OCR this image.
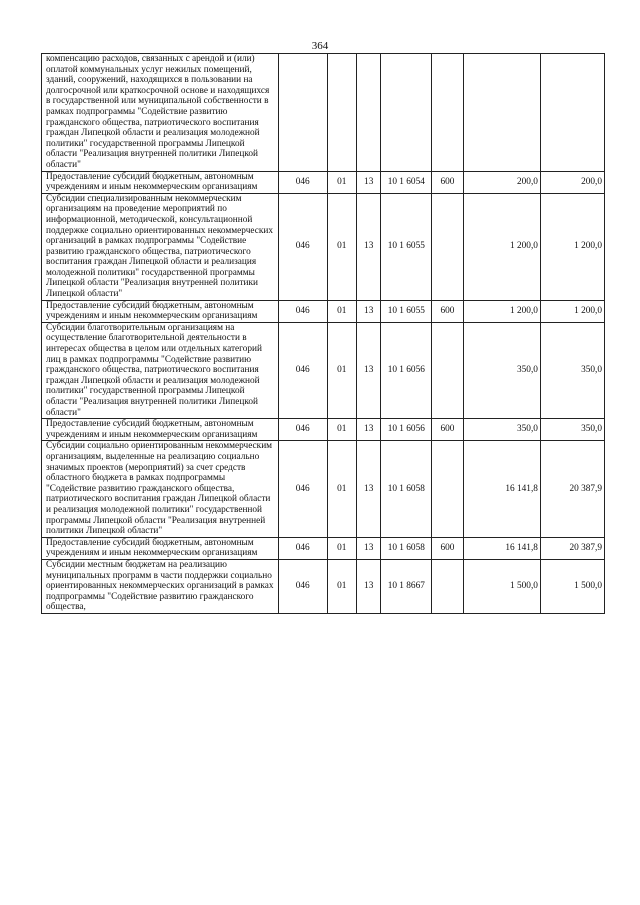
364
компенсацию расходов, связанных с арендой и (или) оплатой коммунальных услуг нежилых помещений, зданий, сооружений, находящихся в пользовании на долгосрочной или краткосрочной основе и находящихся в государственной или муниципальной собственности в рамках подпрограммы "Содействие развитию гражданского общества, патриотического воспитания граждан Липецкой области и реализация молодежной политики" государственной программы Липецкой области "Реализация внутренней политики Липецкой области"							
Предоставление субсидий бюджетным, автономным учреждениям и иным некоммерческим организациям	046	01	13	10 1 6054	600	200,0	200,0
Субсидии специализированным некоммерческим организациям на проведение мероприятий по информационной, методической, консультационной поддержке социально ориентированных некоммерческих организаций в рамках подпрограммы "Содействие развитию гражданского общества, патриотического воспитания граждан Липецкой области и реализация молодежной политики" государственной программы Липецкой области "Реализация внутренней политики Липецкой области"	046	01	13	10 1 6055		1 200,0	1 200,0
Предоставление субсидий бюджетным, автономным учреждениям и иным некоммерческим организациям	046	01	13	10 1 6055	600	1 200,0	1 200,0
Субсидии благотворительным организациям на осуществление благотворительной деятельности в интересах общества в целом или отдельных категорий лиц в рамках подпрограммы "Содействие развитию гражданского общества, патриотического воспитания граждан Липецкой области и реализация молодежной политики" государственной программы Липецкой области "Реализация внутренней политики Липецкой области"	046	01	13	10 1 6056		350,0	350,0
Предоставление субсидий бюджетным, автономным учреждениям и иным некоммерческим организациям	046	01	13	10 1 6056	600	350,0	350,0
Субсидии социально ориентированным некоммерческим организациям, выделенные на реализацию социально значимых проектов (мероприятий) за счет средств областного бюджета в рамках подпрограммы "Содействие развитию гражданского общества, патриотического воспитания граждан Липецкой области и реализация молодежной политики" государственной программы Липецкой области "Реализация внутренней политики Липецкой области"	046	01	13	10 1 6058		16 141,8	20 387,9
Предоставление субсидий бюджетным, автономным учреждениям и иным некоммерческим организациям	046	01	13	10 1 6058	600	16 141,8	20 387,9
Субсидии местным бюджетам на реализацию муниципальных программ в части поддержки социально ориентированных некоммерческих организаций в рамках подпрограммы "Содействие развитию гражданского общества,	046	01	13	10 1 8667		1 500,0	1 500,0
